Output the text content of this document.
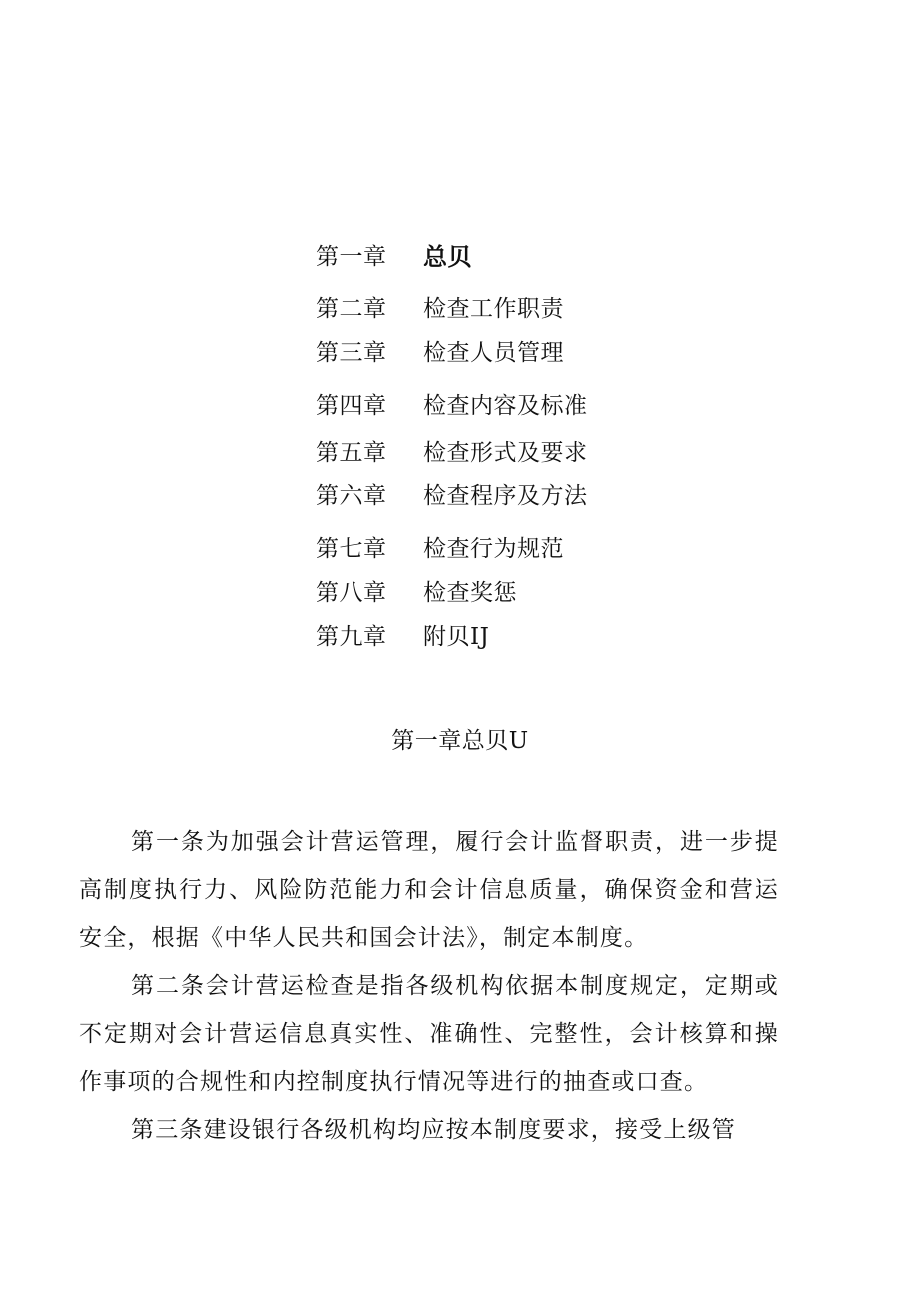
第一章 总贝
第二章 检查工作职责
第三章 检查人员管理
第四章 检查内容及标准
第五章 检查形式及要求
第六章 检查程序及方法
第七章 检查行为规范
第八章 检查奖惩
第九章 附贝IJ
第一章总贝U

第一条为加强会计营运管理，履行会计监督职责，进一步提高制度执行力、风险防范能力和会计信息质量，确保资金和营运安全，根据《中华人民共和国会计法》，制定本制度。

第二条会计营运检查是指各级机构依据本制度规定，定期或不定期对会计营运信息真实性、准确性、完整性，会计核算和操作事项的合规性和内控制度执行情况等进行的抽查或口查。

第三条建设银行各级机构均应按本制度要求，接受上级管
